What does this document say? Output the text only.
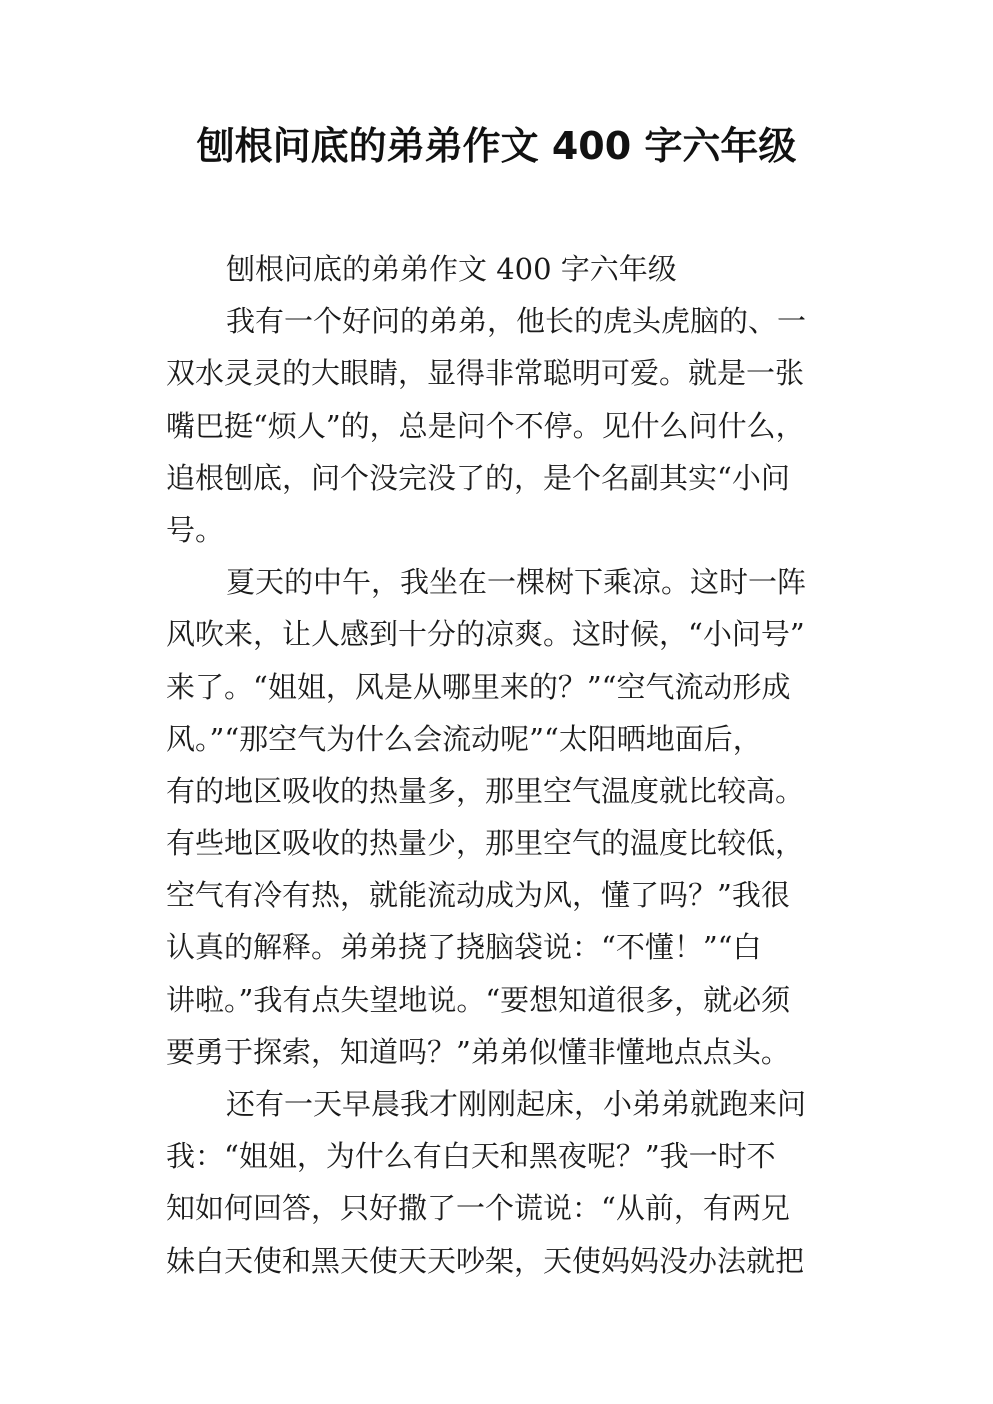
刨根问底的弟弟作文 400 字六年级
刨根问底的弟弟作文 400 字六年级
我有一个好问的弟弟，他长的虎头虎脑的、一
双水灵灵的大眼睛，显得非常聪明可爱。就是一张
嘴巴挺“烦人”的，总是问个不停。见什么问什么，
追根刨底，问个没完没了的，是个名副其实“小问
号。
夏天的中午，我坐在一棵树下乘凉。这时一阵
风吹来，让人感到十分的凉爽。这时候，“小问号”
来了。“姐姐，风是从哪里来的？”“空气流动形成
风。”“那空气为什么会流动呢”“太阳晒地面后，
有的地区吸收的热量多，那里空气温度就比较高。
有些地区吸收的热量少，那里空气的温度比较低，
空气有冷有热，就能流动成为风，懂了吗？”我很
认真的解释。弟弟挠了挠脑袋说：“不懂！”“白
讲啦。”我有点失望地说。“要想知道很多，就必须
要勇于探索，知道吗？”弟弟似懂非懂地点点头。
还有一天早晨我才刚刚起床，小弟弟就跑来问
我：“姐姐，为什么有白天和黑夜呢？”我一时不
知如何回答，只好撒了一个谎说：“从前，有两兄
妹白天使和黑天使天天吵架，天使妈妈没办法就把
